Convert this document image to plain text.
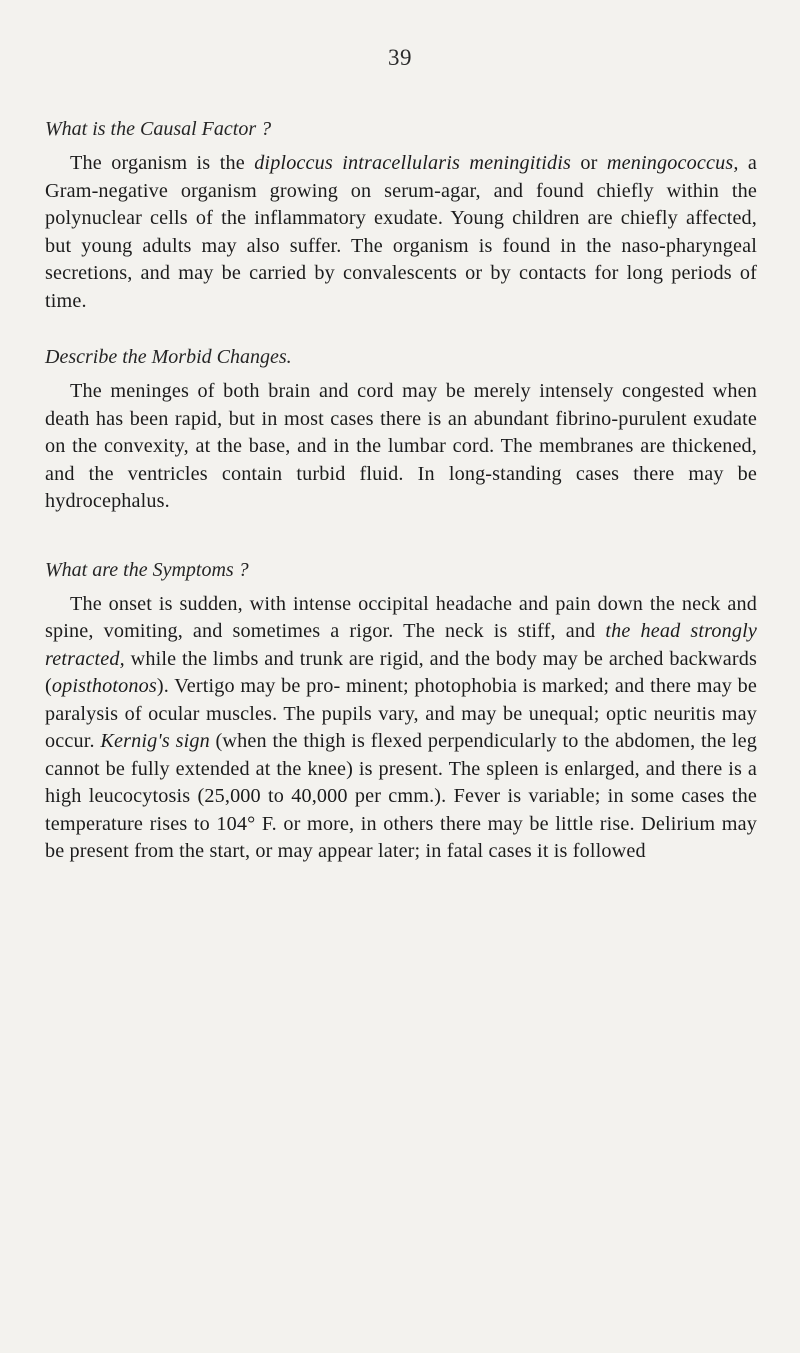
39
What is the Causal Factor ?

The organism is the diploccus intracellularis meningitidis or meningococcus, a Gram-negative organism growing on serum-agar, and found chiefly within the polynuclear cells of the inflammatory exudate. Young children are chiefly affected, but young adults may also suffer. The organism is found in the naso-pharyngeal secretions, and may be carried by convalescents or by contacts for long periods of time.

Describe the Morbid Changes.

The meninges of both brain and cord may be merely intensely congested when death has been rapid, but in most cases there is an abundant fibrino-purulent exudate on the convexity, at the base, and in the lumbar cord. The membranes are thickened, and the ventricles contain turbid fluid. In long-standing cases there may be hydrocephalus.

What are the Symptoms ?

The onset is sudden, with intense occipital headache and pain down the neck and spine, vomiting, and sometimes a rigor. The neck is stiff, and the head strongly retracted, while the limbs and trunk are rigid, and the body may be arched backwards (opisthotonos). Vertigo may be pro- minent; photophobia is marked; and there may be paralysis of ocular muscles. The pupils vary, and may be unequal; optic neuritis may occur. Kernig's sign (when the thigh is flexed perpendicularly to the abdomen, the leg cannot be fully extended at the knee) is present. The spleen is enlarged, and there is a high leucocytosis (25,000 to 40,000 per cmm.). Fever is variable; in some cases the temperature rises to 104° F. or more, in others there may be little rise. Delirium may be present from the start, or may appear later; in fatal cases it is followed
